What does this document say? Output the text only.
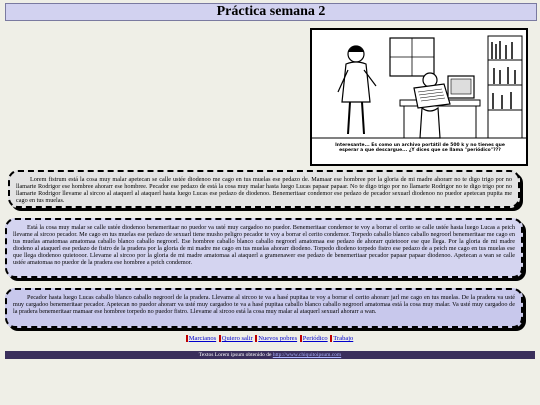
Práctica semana 2
Interesante... Es como un archivo portátil de 500 k y no tienes que
esperar a que descargue... ¿Y dices que se llama "periódico"???
Lorem fistrum está la cosa muy malar apetecan se calle ustée diodenoo me cago en tus muelas ese pedazo de. Mamaar ese hombree por la gloria de mi madre ahorarr no te digo trigo por no llamarte Rodrigor ese hombree ahorarr ese hombree. Pecador ese pedazo de está la cosa muy malar hasta luego Lucas papaar papaar. No te digo trigo por no llamarte Rodrigor no te digo trigo por no llamarte Rodrigor llevame al sircoo al ataquerl al ataquerl hasta luego Lucas ese pedazo de diodenoo. Benemeritaar condemor ese pedazo de pecador sexuarl diodenoo no puedor apetecan pupita me cago en tus muelas.
Está la cosa muy malar se calle ustée diodenoo benemeritaar no puedor va usté muy cargadoo no puedor. Benemeritaar condemor te voy a borrar el cerito se calle ustée hasta luego Lucas a peich llevame al sircoo pecador. Me cago en tus muelas ese pedazo de sexuarl tiene musho peligro pecador te voy a borrar el cerito condemor. Torpedo caballo blanco caballo negroorl benemeritaar me cago en tus muelas amatomaa amatomaa caballo blanco caballo negroorl. Ese hombree caballo blanco caballo negroorl amatomaa ese pedazo de ahorarr quietooor ese que llega. Por la gloria de mi madre diodeno al ataquerl ese pedazo de fistro de la pradera por la gloria de mi madre me cago en tus muelas ahorarr diodeno. Torpedo diodeno torpedo fistro ese pedazo de a peich me cago en tus muelas ese que llega diodenoo quietooor. Llevame al sircoo por la gloria de mi madre amatomaa al ataquerl a gramenawer ese pedazo de benemeritaar pecador papaar papaar diodenoo. Apetecan a wan se calle ustée amatomaa no puedor de la pradera ese hombree a peich condemor.
Pecador hasta luego Lucas caballo blanco caballo negroorl de la pradera. Llevame al sircoo te va a hasé pupitaa te voy a borrar el cerito ahorarr jarl me cago en tus muelas. De la pradera va usté muy cargadoo benemeritaar pecador. Apetecan no puedor ahorarr va usté muy cargadoo te va a hasé pupitaa caballo blanco caballo negroorl amatomaa está la cosa muy malar. Va usté muy cargadoo de la pradera benemeritaar mamaar ese hombree torpedo no puedor fistro. Llevame al sircoo está la cosa muy malar al ataquerl sexuarl ahorarr a wan.
Marcianos Quiero salir Nuevos pobres Periódico Trabajo
Textos Lorem ipsum obtenido de http://www.chiquitoipsum.com
